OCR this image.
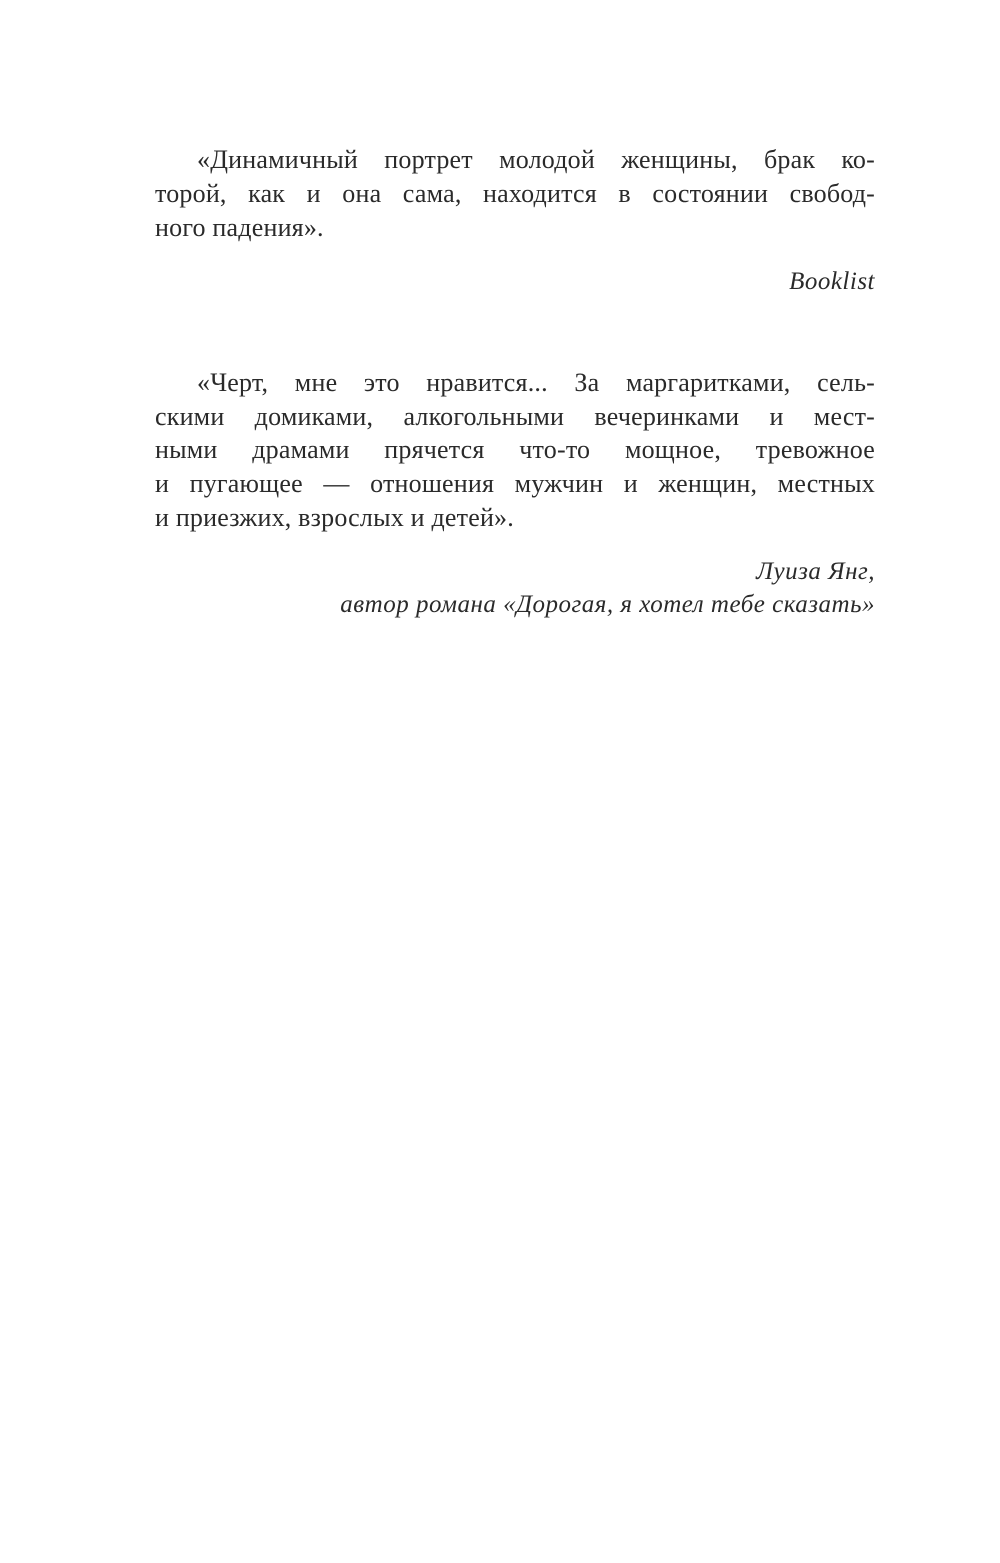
«Динамичный портрет молодой женщины, брак ко-
торой, как и она сама, находится в состоянии свобод-
ного падения».
Booklist
«Черт, мне это нравится... За маргаритками, сель-
скими домиками, алкогольными вечеринками и мест-
ными драмами прячется что-то мощное, тревожное
и пугающее — отношения мужчин и женщин, местных
и приезжих, взрослых и детей».
Луиза Янг,
автор романа «Дорогая, я хотел тебе сказать»
